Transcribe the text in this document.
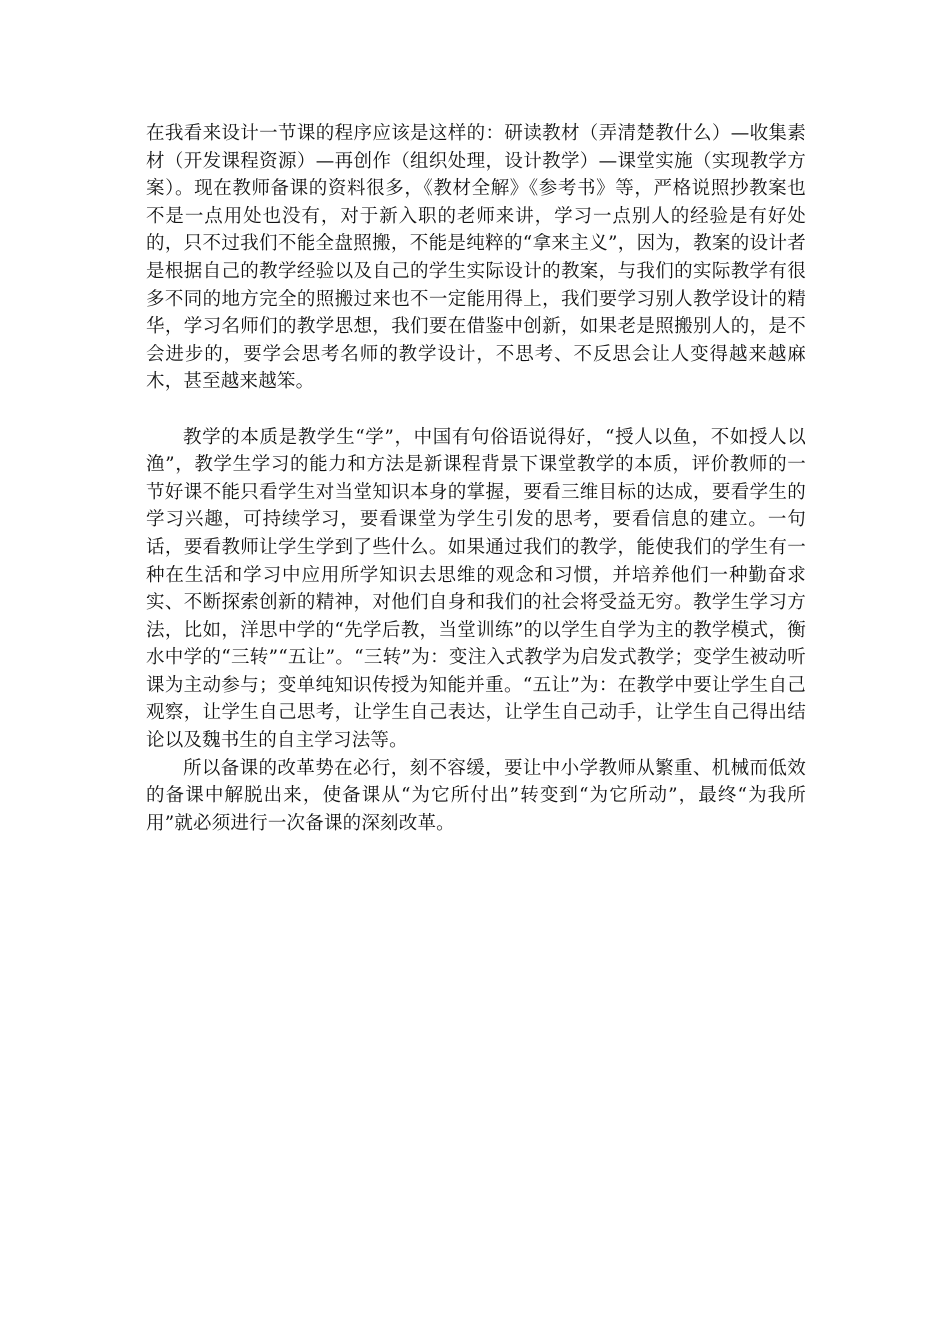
在我看来设计一节课的程序应该是这样的：研读教材（弄清楚教什么）—收集素材（开发课程资源）—再创作（组织处理，设计教学）—课堂实施（实现教学方案）。现在教师备课的资料很多，《教材全解》《参考书》等，严格说照抄教案也不是一点用处也没有，对于新入职的老师来讲，学习一点别人的经验是有好处的，只不过我们不能全盘照搬，不能是纯粹的“拿来主义”，因为，教案的设计者是根据自己的教学经验以及自己的学生实际设计的教案，与我们的实际教学有很多不同的地方完全的照搬过来也不一定能用得上，我们要学习别人教学设计的精华，学习名师们的教学思想，我们要在借鉴中创新，如果老是照搬别人的，是不会进步的，要学会思考名师的教学设计，不思考、不反思会让人变得越来越麻木，甚至越来越笨。

教学的本质是教学生“学”，中国有句俗语说得好，“授人以鱼，不如授人以渔”，教学生学习的能力和方法是新课程背景下课堂教学的本质，评价教师的一节好课不能只看学生对当堂知识本身的掌握，要看三维目标的达成，要看学生的学习兴趣，可持续学习，要看课堂为学生引发的思考，要看信息的建立。一句话，要看教师让学生学到了些什么。如果通过我们的教学，能使我们的学生有一种在生活和学习中应用所学知识去思维的观念和习惯，并培养他们一种勤奋求实、不断探索创新的精神，对他们自身和我们的社会将受益无穷。教学生学习方法，比如，洋思中学的“先学后教，当堂训练”的以学生自学为主的教学模式，衡水中学的“三转”“五让”。“三转”为：变注入式教学为启发式教学；变学生被动听课为主动参与；变单纯知识传授为知能并重。“五让”为：在教学中要让学生自己观察，让学生自己思考，让学生自己表达，让学生自己动手，让学生自己得出结论以及魏书生的自主学习法等。

所以备课的改革势在必行，刻不容缓，要让中小学教师从繁重、机械而低效的备课中解脱出来，使备课从“为它所付出”转变到“为它所动”，最终“为我所用”就必须进行一次备课的深刻改革。
